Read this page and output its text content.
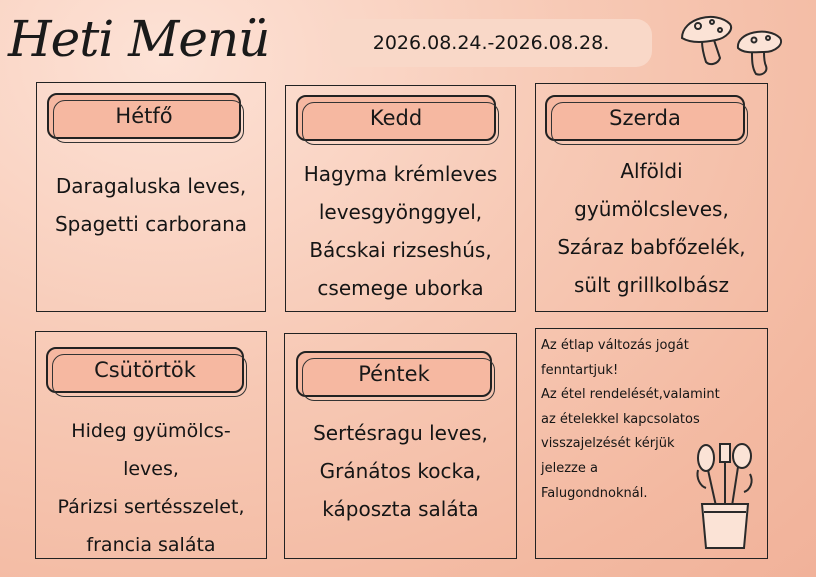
Heti Menü	2026.08.24.-2026.08.28.
Hétfő
Daragaluska leves,
Spagetti carborana
Kedd
Hagyma krémleves
levesgyönggyel,
Bácskai rizseshús,
csemege uborka
Szerda
Alföldi
gyümölcsleves,
Száraz babfőzelék,
sült grillkolbász
Csütörtök
Hideg gyümölcs-
leves,
Párizsi sertésszelet,
francia saláta
Péntek
Sertésragu leves,
Gránátos kocka,
káposzta saláta
Az étlap változás jogát
fenntartjuk!
Az étel rendelését,valamint
az ételekkel kapcsolatos
visszajelzését kérjük
jelezze a
Falugondnoknál.
